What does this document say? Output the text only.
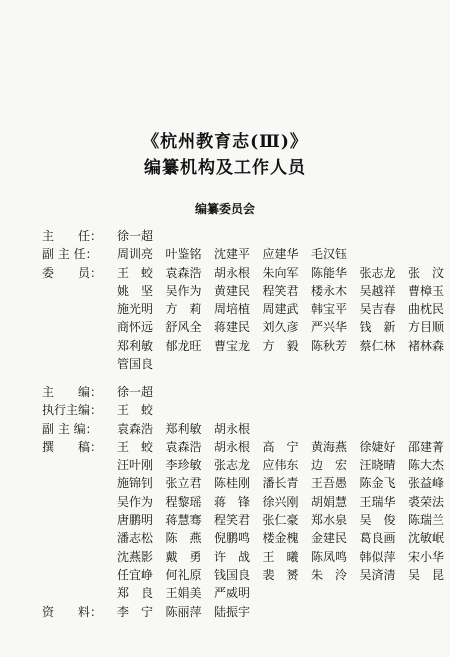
《杭州教育志(Ⅲ)》
编纂机构及工作人员
编纂委员会
主　　任： 徐一超
副 主 任： 周训亮 叶鉴铭 沈建平 应建华 毛汉钰
委　　员： 王　蛟 袁森浩 胡永根 朱向军 陈能华 张志龙 张　汶
姚　坚 吴作为 黄建民 程笑君 楼永木 吴越祥 曹樟玉
施光明 方　莉 周培植 周建武 韩宝平 吴吉春 曲枕民
商怀远 舒风全 蒋建民 刘久彦 严兴华 钱　新 方目顺
郑利敏 郁龙旺 曹宝龙 方　毅 陈秋芳 蔡仁林 褚林森
管国良
主　　编： 徐一超
执行主编： 王　蛟
副 主 编： 袁森浩 郑利敏 胡永根
撰　　稿： 王　蛟 袁森浩 胡永根 高　宁 黄海燕 徐婕好 邵建菁
汪叶刚 李珍敏 张志龙 应伟东 边　宏 汪晓晴 陈大杰
施锦钊 张立君 陈桂刚 潘长青 王吾愚 陈金飞 张益峰
吴作为 程黎瑶 蒋　锋 徐兴刚 胡娟慧 王瑞华 裘荣法
唐鹏明 蒋慧骞 程笑君 张仁豪 郑水泉 吴　俊 陈瑞兰
潘志松 陈　燕 倪鹏鸣 楼金槐 金建民 葛良画 沈敏岷
沈燕影 戴　勇 许　战 王　曦 陈凤鸣 韩似萍 宋小华
任宜峥 何礼原 钱国良 裴　赟 朱　泠 吴済清 吴　昆
郑　良 王娟美 严威明
资　　料： 李　宁 陈丽萍 陆振宇
